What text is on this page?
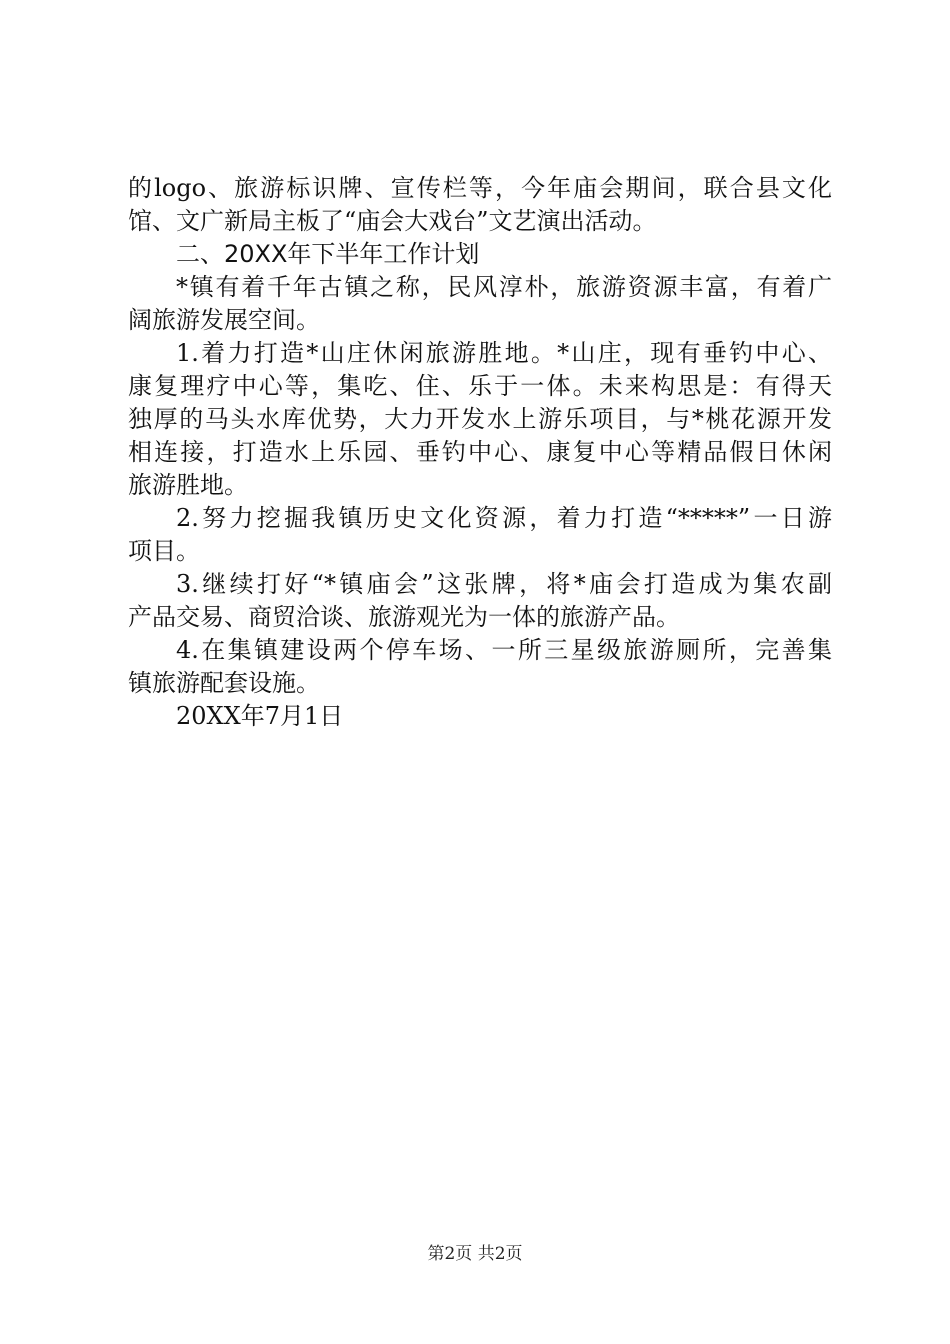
的logo、旅游标识牌、宣传栏等，今年庙会期间，联合县文化
馆、文广新局主板了“庙会大戏台”文艺演出活动。
二、20XX年下半年工作计划
*镇有着千年古镇之称，民风淳朴，旅游资源丰富，有着广
阔旅游发展空间。
1.着力打造*山庄休闲旅游胜地。*山庄，现有垂钓中心、
康复理疗中心等，集吃、住、乐于一体。未来构思是：有得天
独厚的马头水库优势，大力开发水上游乐项目，与*桃花源开发
相连接，打造水上乐园、垂钓中心、康复中心等精品假日休闲
旅游胜地。
2.努力挖掘我镇历史文化资源，着力打造“*****”一日游
项目。
3.继续打好“*镇庙会”这张牌，将*庙会打造成为集农副
产品交易、商贸洽谈、旅游观光为一体的旅游产品。
4.在集镇建设两个停车场、一所三星级旅游厕所，完善集
镇旅游配套设施。
20XX年7月1日
第2页 共2页
